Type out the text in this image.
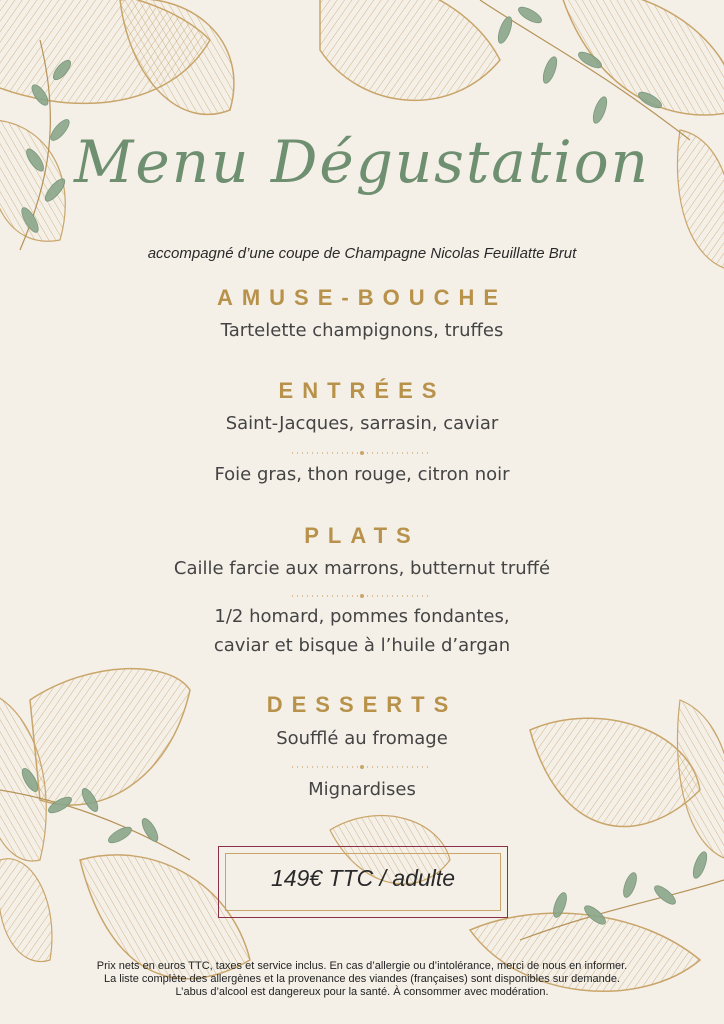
Menu Dégustation
accompagné d’une coupe de Champagne Nicolas Feuillatte Brut
AMUSE-BOUCHE
Tartelette champignons, truffes
ENTRÉES
Saint-Jacques, sarrasin, caviar
Foie gras, thon rouge, citron noir
PLATS
Caille farcie aux marrons, butternut truffé
1/2 homard, pommes fondantes,
caviar et bisque à l’huile d’argan
DESSERTS
Soufflé au fromage
Mignardises
149€ TTC / adulte
Prix nets en euros TTC, taxes et service inclus. En cas d’allergie ou d’intolérance, merci de nous en informer.
La liste complète des allergènes et la provenance des viandes (françaises) sont disponibles sur demande.
L’abus d’alcool est dangereux pour la santé. À consommer avec modération.
